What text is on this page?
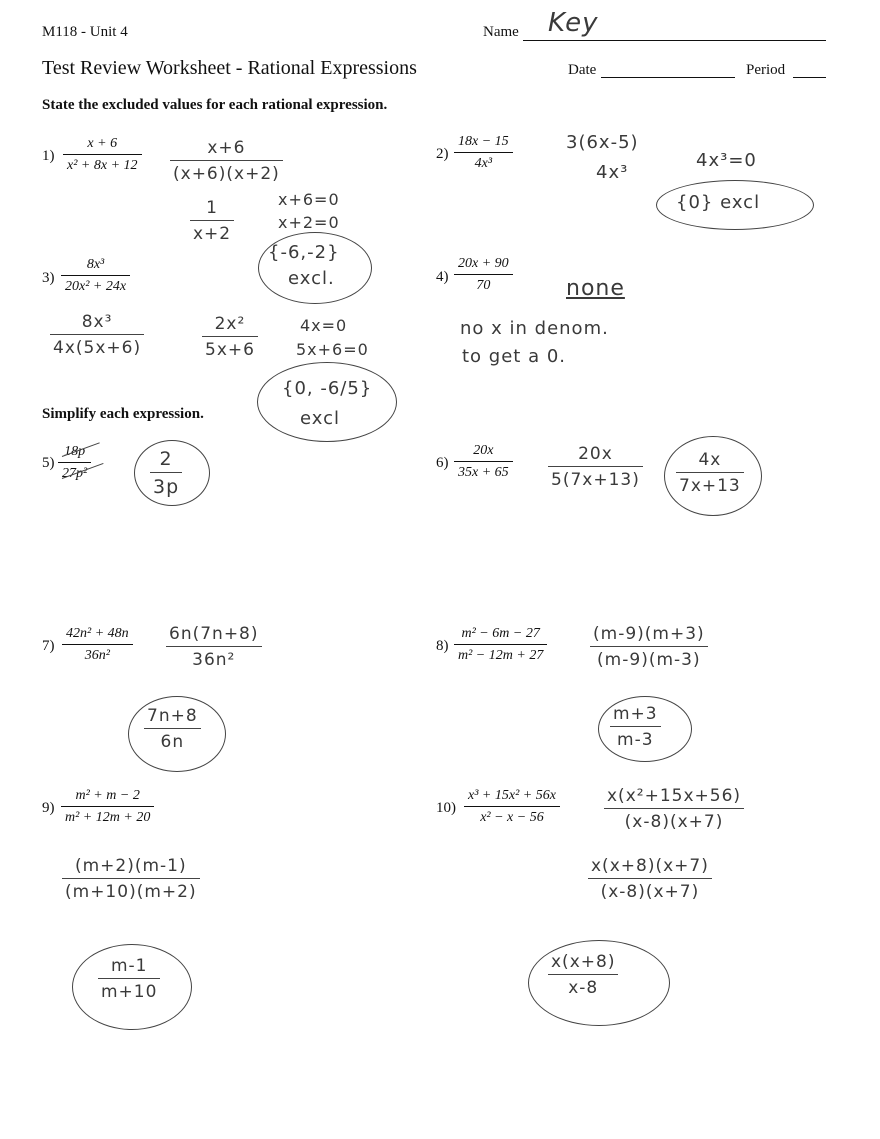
M118 - Unit 4	Name Key
Test Review Worksheet - Rational Expressions	Date	Period
State the excluded values for each rational expression.
$1) \frac{x + 6}{\text{x² + 8x + 12}} \frac{x+6}{(x+6)(x+2)}$
$\frac{1}{x+2}$	x+6=0
x+2=0
{-6,-2}
excl.
$2) \frac{18x - 15}{\text{4x³}}$	3(6x-5)
4x³
4x³=0
{0} excl
$3) \frac{\text{8x³}}{\text{20x² + 24x}}$
$\frac{\text{8x³}}{4x(5x+6)}$	$\frac{\text{2x²}}{5x+6}$	4x=0
5x+6=0
{0, -6/5}
excl
$4) \frac{20x + 90}{70}$ none
no x in denom.
to get a 0.
Simplify each expression.
$5) \frac{18p}{\text{27p²}}$	$\frac{2}{3p}$	$6) \frac{20x}{35x + 65} \frac{20x}{5(7x+13)} \frac{4x}{7x+13}$
$7) \frac{\text{42n² + 48n}}{\text{36n²}} \frac{6n(7n+8)}{\text{36n²}}$
$\frac{7n+8}{6n}$
$8) \frac{\text{m² − 6m − 27}}{\text{m² − 12m + 27}}$	$\frac{(m-9)(m+3)}{(m-9)(m-3)}$
$\frac{m+3}{m-3}$
$9) \frac{\text{m² + m − 2}}{\text{m² + 12m + 20}}$
$\frac{(m+2)(m-1)}{(m+10)(m+2)}$
$\frac{m-1}{m+10}$
$10) \frac{\text{x³ + 15x² + 56x}}{\text{x² − x − 56}}$	$\frac{\text{x(x²+15x+56)}}{(x-8)(x+7)}$
$\frac{x(x+8)(x+7)}{(x-8)(x+7)}$
$\frac{x(x+8)}{x-8}$
